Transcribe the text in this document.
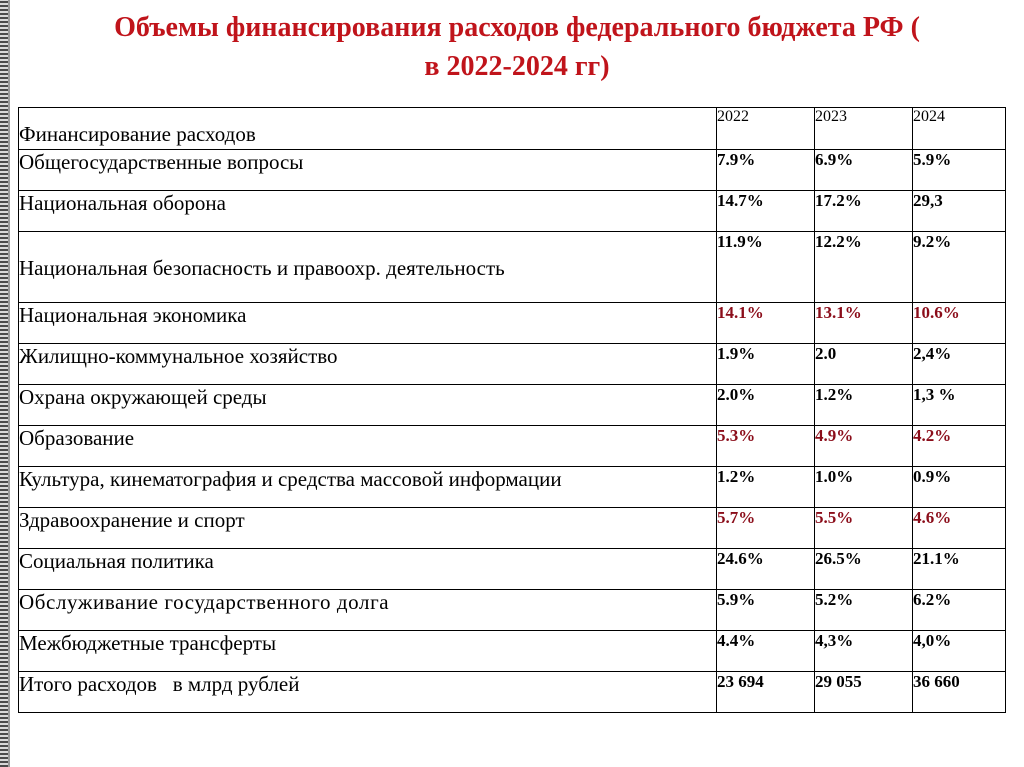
Объемы финансирования расходов федерального бюджета РФ (
в 2022-2024 гг)
Финансирование расходов	2022	2023	2024
Общегосударственные вопросы	7.9%	6.9%	5.9%
Национальная оборона	14.7%	17.2%	29,3
Национальная безопасность и правоохр. деятельность	11.9%	12.2%	9.2%
Национальная экономика	14.1%	13.1%	10.6%
Жилищно-коммунальное хозяйство	1.9%	2.0	2,4%
Охрана окружающей среды	2.0%	1.2%	1,3 %
Образование	5.3%	4.9%	4.2%
Культура, кинематография и средства массовой информации	1.2%	1.0%	0.9%
Здравоохранение и спорт	5.7%	5.5%	4.6%
Социальная политика	24.6%	26.5%	21.1%
Обслуживание государственного долга	5.9%	5.2%	6.2%
Межбюджетные трансферты	4.4%	4,3%	4,0%
Итого расходов   в млрд рублей	23 694	29 055	36 660
